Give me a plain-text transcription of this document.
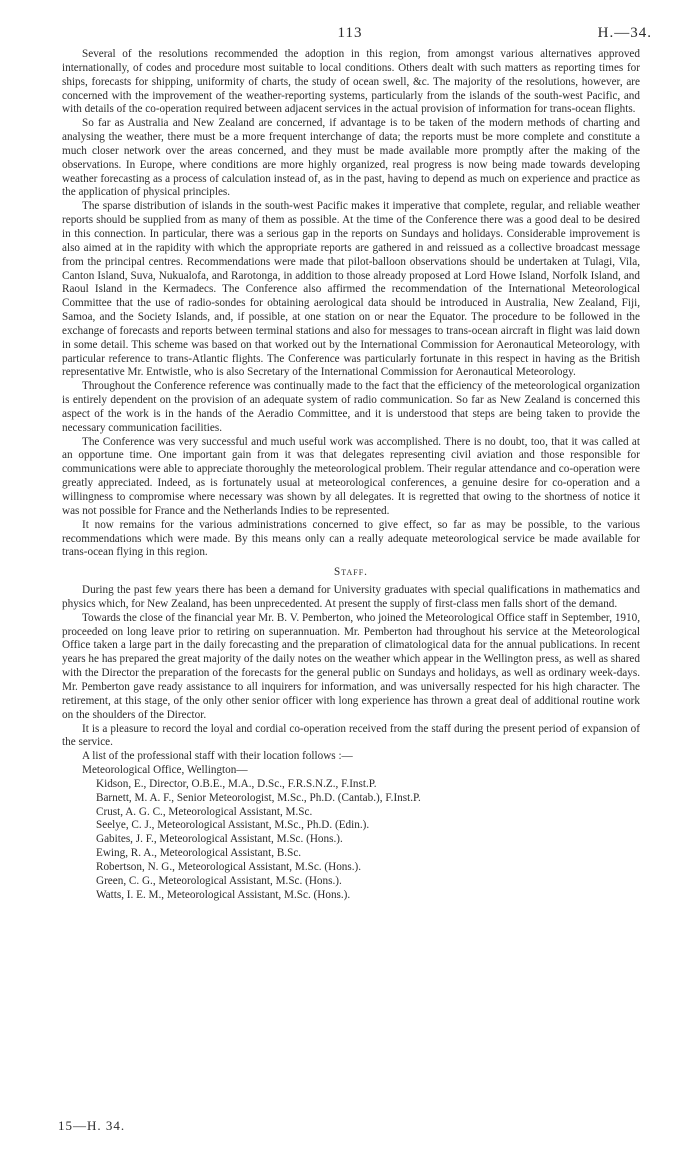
113	H.—34.

Several of the resolutions recommended the adoption in this region, from amongst various alternatives approved internationally, of codes and procedure most suitable to local conditions. Others dealt with such matters as reporting times for ships, forecasts for shipping, uniformity of charts, the study of ocean swell, &c. The majority of the resolutions, however, are concerned with the improvement of the weather-reporting systems, particularly from the islands of the south-west Pacific, and with details of the co-operation required between adjacent services in the actual provision of information for trans-ocean flights.

So far as Australia and New Zealand are concerned, if advantage is to be taken of the modern methods of charting and analysing the weather, there must be a more frequent interchange of data; the reports must be more complete and constitute a much closer network over the areas concerned, and they must be made available more promptly after the making of the observations. In Europe, where conditions are more highly organized, real progress is now being made towards developing weather forecasting as a process of calculation instead of, as in the past, having to depend as much on experience and practice as the application of physical principles.

The sparse distribution of islands in the south-west Pacific makes it imperative that complete, regular, and reliable weather reports should be supplied from as many of them as possible. At the time of the Conference there was a good deal to be desired in this connection. In particular, there was a serious gap in the reports on Sundays and holidays. Considerable improvement is also aimed at in the rapidity with which the appropriate reports are gathered in and reissued as a collective broadcast message from the principal centres. Recommendations were made that pilot-balloon observations should be undertaken at Tulagi, Vila, Canton Island, Suva, Nukualofa, and Rarotonga, in addition to those already proposed at Lord Howe Island, Norfolk Island, and Raoul Island in the Kermadecs. The Conference also affirmed the recommendation of the International Meteorological Committee that the use of radio-sondes for obtaining aerological data should be introduced in Australia, New Zealand, Fiji, Samoa, and the Society Islands, and, if possible, at one station on or near the Equator. The procedure to be followed in the exchange of forecasts and reports between terminal stations and also for messages to trans-ocean aircraft in flight was laid down in some detail. This scheme was based on that worked out by the International Commission for Aeronautical Meteorology, with particular reference to trans-Atlantic flights. The Conference was particularly fortunate in this respect in having as the British representative Mr. Entwistle, who is also Secretary of the International Commission for Aeronautical Meteorology.

Throughout the Conference reference was continually made to the fact that the efficiency of the meteorological organization is entirely dependent on the provision of an adequate system of radio communication. So far as New Zealand is concerned this aspect of the work is in the hands of the Aeradio Committee, and it is understood that steps are being taken to provide the necessary communication facilities.

The Conference was very successful and much useful work was accomplished. There is no doubt, too, that it was called at an opportune time. One important gain from it was that delegates representing civil aviation and those responsible for communications were able to appreciate thoroughly the meteorological problem. Their regular attendance and co-operation were greatly appreciated. Indeed, as is fortunately usual at meteorological conferences, a genuine desire for co-operation and a willingness to compromise where necessary was shown by all delegates. It is regretted that owing to the shortness of notice it was not possible for France and the Netherlands Indies to be represented.

It now remains for the various administrations concerned to give effect, so far as may be possible, to the various recommendations which were made. By this means only can a really adequate meteorological service be made available for trans-ocean flying in this region.

Staff.

During the past few years there has been a demand for University graduates with special qualifications in mathematics and physics which, for New Zealand, has been unprecedented. At present the supply of first-class men falls short of the demand.

Towards the close of the financial year Mr. B. V. Pemberton, who joined the Meteorological Office staff in September, 1910, proceeded on long leave prior to retiring on superannuation. Mr. Pemberton had throughout his service at the Meteorological Office taken a large part in the daily forecasting and the preparation of climatological data for the annual publications. In recent years he has prepared the great majority of the daily notes on the weather which appear in the Wellington press, as well as shared with the Director the preparation of the forecasts for the general public on Sundays and holidays, as well as ordinary week-days. Mr. Pemberton gave ready assistance to all inquirers for information, and was universally respected for his high character. The retirement, at this stage, of the only other senior officer with long experience has thrown a great deal of additional routine work on the shoulders of the Director.

It is a pleasure to record the loyal and cordial co-operation received from the staff during the present period of expansion of the service.

A list of the professional staff with their location follows :—

Meteorological Office, Wellington—

Kidson, E., Director, O.B.E., M.A., D.Sc., F.R.S.N.Z., F.Inst.P.

Barnett, M. A. F., Senior Meteorologist, M.Sc., Ph.D. (Cantab.), F.Inst.P.

Crust, A. G. C., Meteorological Assistant, M.Sc.

Seelye, C. J., Meteorological Assistant, M.Sc., Ph.D. (Edin.).

Gabites, J. F., Meteorological Assistant, M.Sc. (Hons.).

Ewing, R. A., Meteorological Assistant, B.Sc.

Robertson, N. G., Meteorological Assistant, M.Sc. (Hons.).

Green, C. G., Meteorological Assistant, M.Sc. (Hons.).

Watts, I. E. M., Meteorological Assistant, M.Sc. (Hons.).

15—H. 34.
